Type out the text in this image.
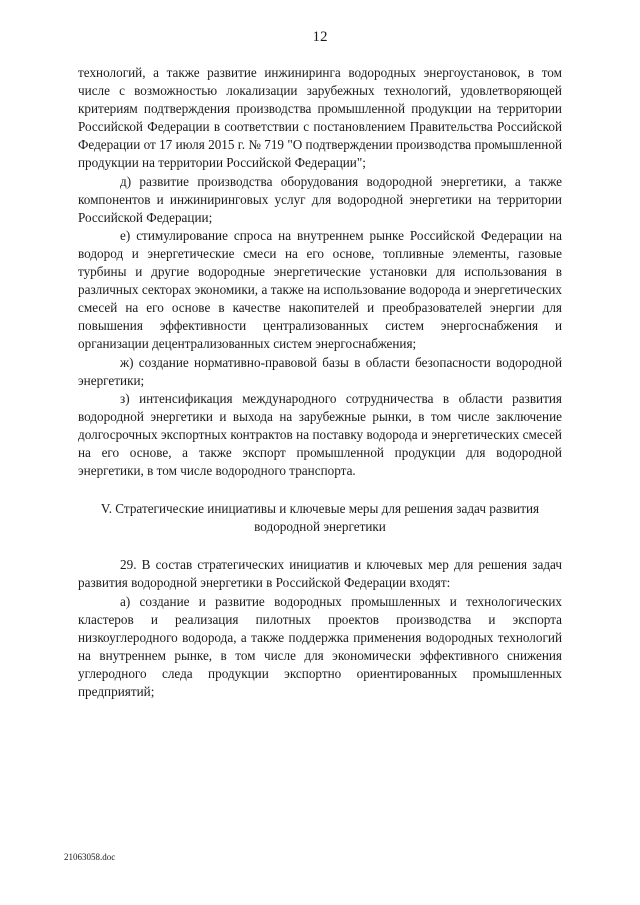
12

технологий, а также развитие инжиниринга водородных энергоустановок, в том числе с возможностью локализации зарубежных технологий, удовлетворяющей критериям подтверждения производства промышленной продукции на территории Российской Федерации в соответствии с постановлением Правительства Российской Федерации от 17 июля 2015 г. № 719 "О подтверждении производства промышленной продукции на территории Российской Федерации";

д) развитие производства оборудования водородной энергетики, а также компонентов и инжиниринговых услуг для водородной энергетики на территории Российской Федерации;

е) стимулирование спроса на внутреннем рынке Российской Федерации на водород и энергетические смеси на его основе, топливные элементы, газовые турбины и другие водородные энергетические установки для использования в различных секторах экономики, а также на использование водорода и энергетических смесей на его основе в качестве накопителей и преобразователей энергии для повышения эффективности централизованных систем энергоснабжения и организации децентрализованных систем энергоснабжения;

ж) создание нормативно-правовой базы в области безопасности водородной энергетики;

з) интенсификация международного сотрудничества в области развития водородной энергетики и выхода на зарубежные рынки, в том числе заключение долгосрочных экспортных контрактов на поставку водорода и энергетических смесей на его основе, а также экспорт промышленной продукции для водородной энергетики, в том числе водородного транспорта.

V. Стратегические инициативы и ключевые меры для решения задач развития водородной энергетики

29. В состав стратегических инициатив и ключевых мер для решения задач развития водородной энергетики в Российской Федерации входят:

а) создание и развитие водородных промышленных и технологических кластеров и реализация пилотных проектов производства и экспорта низкоуглеродного водорода, а также поддержка применения водородных технологий на внутреннем рынке, в том числе для экономически эффективного снижения углеродного следа продукции экспортно ориентированных промышленных предприятий;

21063058.doc
